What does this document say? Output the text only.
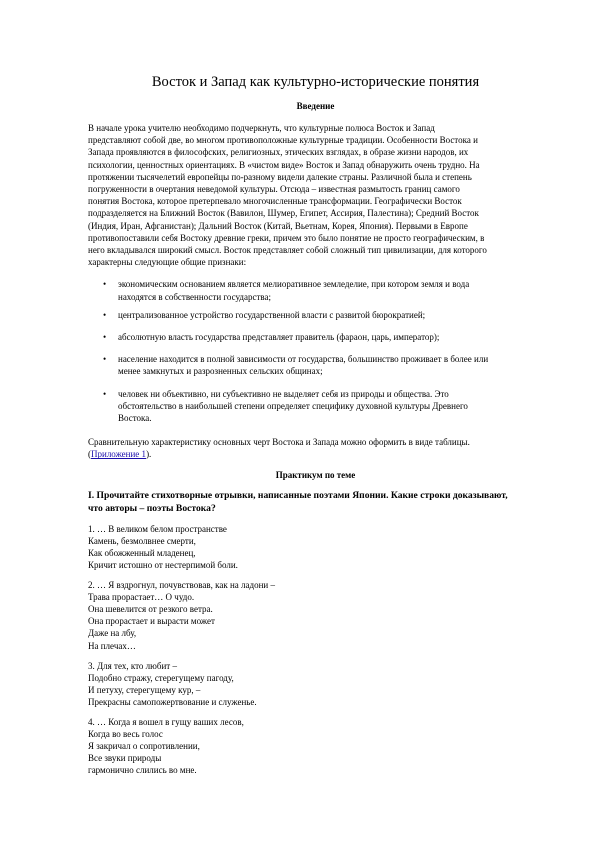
Восток и Запад как культурно-исторические понятия
Введение

В начале урока учителю необходимо подчеркнуть, что культурные полюса Восток и Запад
представляют собой две, во многом противоположные культурные традиции. Особенности Востока и
Запада проявляются в философских, религиозных, этических взглядах, в образе жизни народов, их
психологии, ценностных ориентациях. В «чистом виде» Восток и Запад обнаружить очень трудно. На
протяжении тысячелетий европейцы по-разному видели далекие страны. Различной была и степень
погруженности в очертания неведомой культуры. Отсюда – известная размытость границ самого
понятия Востока, которое претерпевало многочисленные трансформации. Географически Восток
подразделяется на Ближний Восток (Вавилон, Шумер, Египет, Ассирия, Палестина); Средний Восток
(Индия, Иран, Афганистан); Дальний Восток (Китай, Вьетнам, Корея, Япония). Первыми в Европе
противопоставили себя Востоку древние греки, причем это было понятие не просто географическим, в
него вкладывался широкий смысл. Восток представляет собой сложный тип цивилизации, для которого
характерны следующие общие признаки:

• экономическим основанием является мелиоративное земледелие, при котором земля и вода
находятся в собственности государства;
• централизованное устройство государственной власти с развитой бюрократией;
• абсолютную власть государства представляет правитель (фараон, царь, император);
• население находится в полной зависимости от государства, большинство проживает в более или
менее замкнутых и разрозненных сельских общинах;
• человек ни объективно, ни субъективно не выделяет себя из природы и общества. Это
обстоятельство в наибольшей степени определяет специфику духовной культуры Древнего
Востока.

Сравнительную характеристику основных черт Востока и Запада можно оформить в виде таблицы.
(Приложение 1).

Практикум по теме
I. Прочитайте стихотворные отрывки, написанные поэтами Японии. Какие строки доказывают,
что авторы – поэты Востока?
1. … В великом белом пространстве
Камень, безмолвнее смерти,
Как обожженный младенец,
Кричит истошно от нестерпимой боли.
2. … Я вздрогнул, почувствовав, как на ладони –
Трава прорастает… О чудо.
Она шевелится от резкого ветра.
Она прорастает и вырасти может
Даже на лбу,
На плечах…
3. Для тех, кто любит –
Подобно стражу, стерегущему пагоду,
И петуху, стерегущему кур, –
Прекрасны самопожертвование и служенье.
4. … Когда я вошел в гущу ваших лесов,
Когда во весь голос
Я закричал о сопротивлении,
Все звуки природы
гармонично слились во мне.
